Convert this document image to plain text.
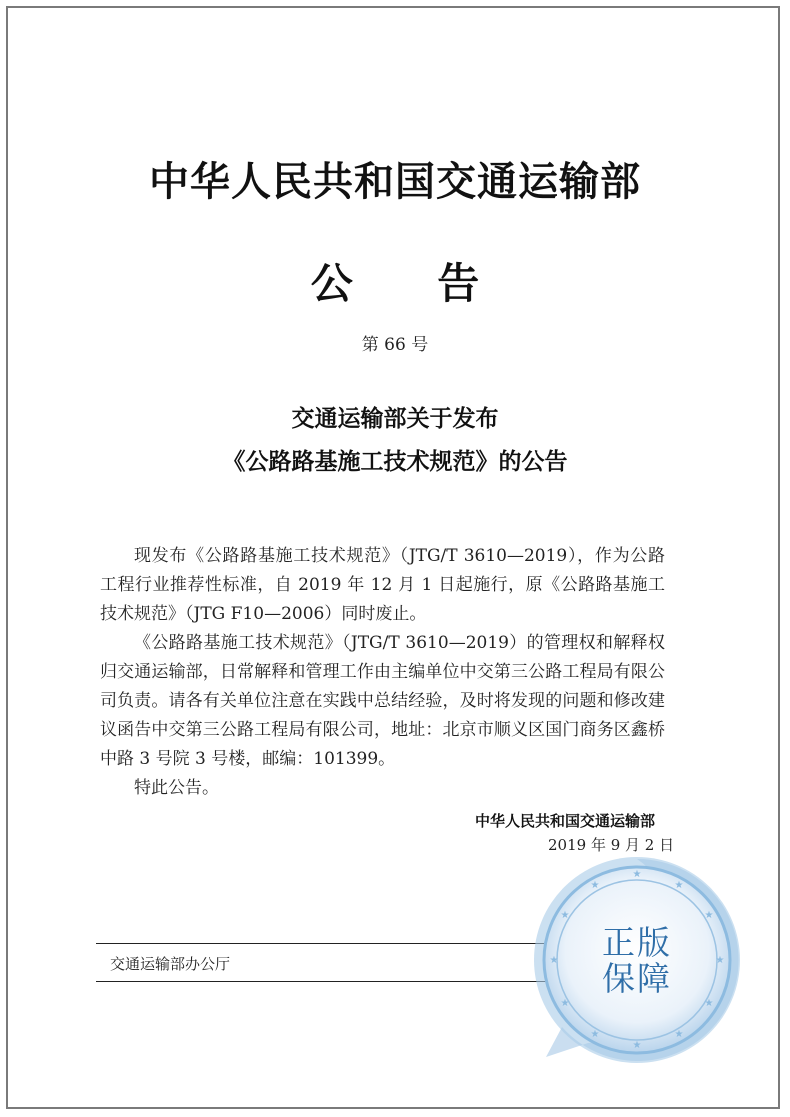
中华人民共和国交通运输部
公 告
第 66 号
交通运输部关于发布
《公路路基施工技术规范》的公告

现发布《公路路基施工技术规范》（JTG/T 3610—2019），作为公路工程行业推荐性标准，自 2019 年 12 月 1 日起施行，原《公路路基施工技术规范》（JTG F10—2006）同时废止。

《公路路基施工技术规范》（JTG/T 3610—2019）的管理权和解释权归交通运输部，日常解释和管理工作由主编单位中交第三公路工程局有限公司负责。请各有关单位注意在实践中总结经验，及时将发现的问题和修改建议函告中交第三公路工程局有限公司，地址：北京市顺义区国门商务区鑫桥中路 3 号院 3 号楼，邮编：101399。

特此公告。

中华人民共和国交通运输部
2019 年 9 月 2 日
交通运输部办公厅
★
★
★
★
★
★
★
★
★
★
★
★
正版
保障
